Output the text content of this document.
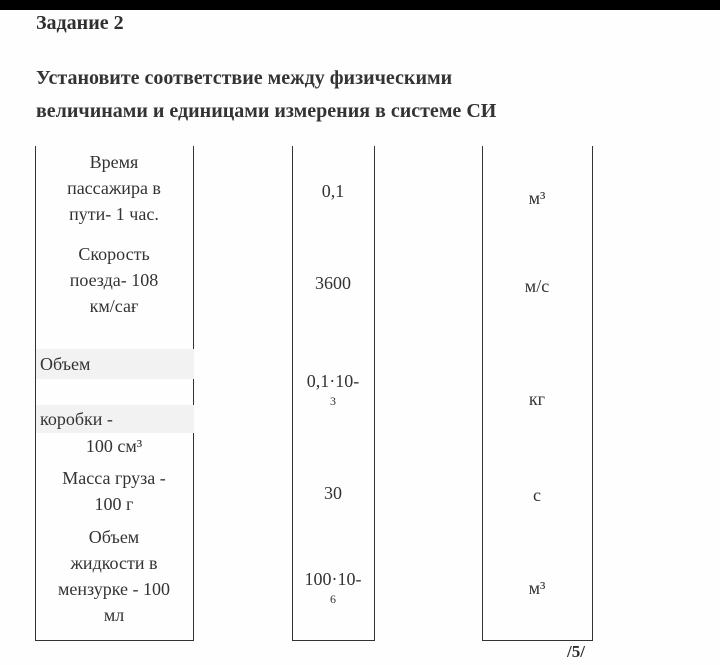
Задание 2
Установите соответствие между физическими
величинами и единицами измерения в системе СИ
Время
пассажира в
пути- 1 час.
Скорость
поезда- 108
км/сағ
Объем
коробки -
100 см³
Масса груза -
100 г
Объем
жидкости в
мензурке - 100
мл
0,1
3600
0,1·10-
3
30
100·10-
6
м³
м/с
кг
с
м³
/5/
